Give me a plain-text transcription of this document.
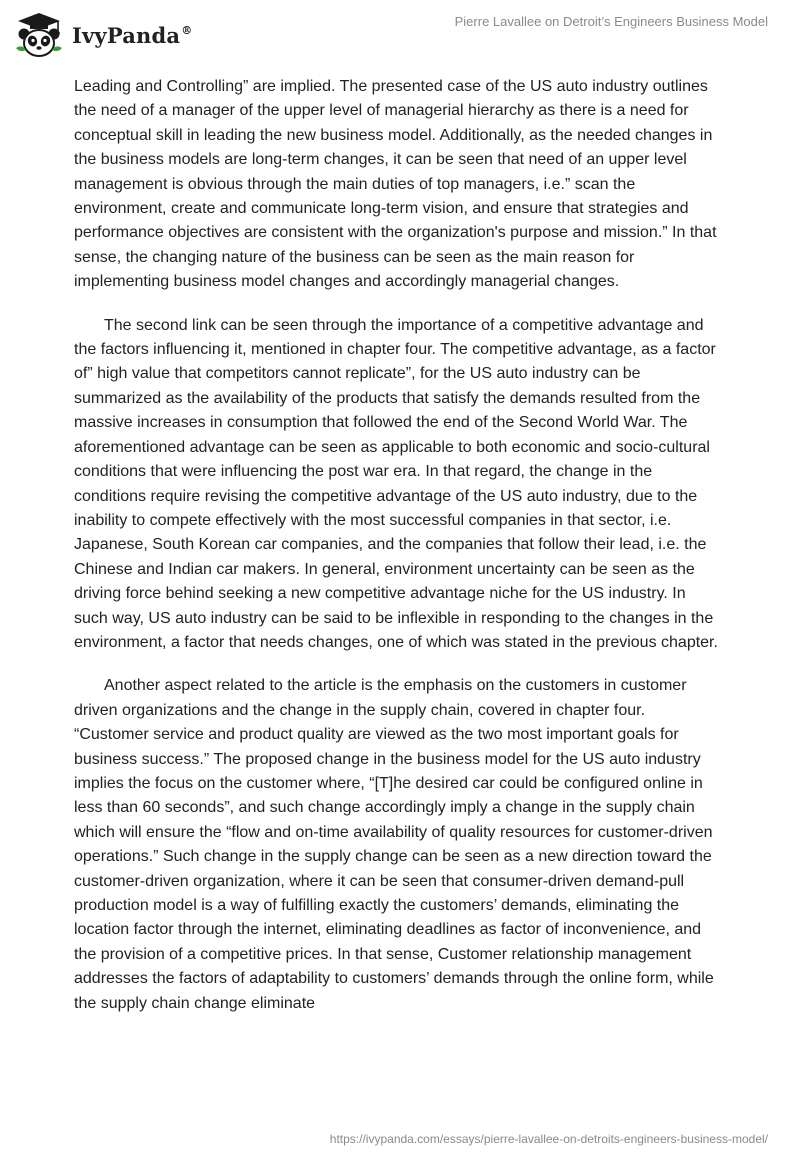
IvyPanda®
Pierre Lavallee on Detroit’s Engineers Business Model

Leading and Controlling” are implied. The presented case of the US auto industry outlines the need of a manager of the upper level of managerial hierarchy as there is a need for conceptual skill in leading the new business model. Additionally, as the needed changes in the business models are long-term changes, it can be seen that need of an upper level management is obvious through the main duties of top managers, i.e.” scan the environment, create and communicate long-term vision, and ensure that strategies and performance objectives are consistent with the organization's purpose and mission.” In that sense, the changing nature of the business can be seen as the main reason for implementing business model changes and accordingly managerial changes.

The second link can be seen through the importance of a competitive advantage and the factors influencing it, mentioned in chapter four. The competitive advantage, as a factor of” high value that competitors cannot replicate”, for the US auto industry can be summarized as the availability of the products that satisfy the demands resulted from the massive increases in consumption that followed the end of the Second World War. The aforementioned advantage can be seen as applicable to both economic and socio-cultural conditions that were influencing the post war era. In that regard, the change in the conditions require revising the competitive advantage of the US auto industry, due to the inability to compete effectively with the most successful companies in that sector, i.e. Japanese, South Korean car companies, and the companies that follow their lead, i.e. the Chinese and Indian car makers. In general, environment uncertainty can be seen as the driving force behind seeking a new competitive advantage niche for the US industry. In such way, US auto industry can be said to be inflexible in responding to the changes in the environment, a factor that needs changes, one of which was stated in the previous chapter.

Another aspect related to the article is the emphasis on the customers in customer driven organizations and the change in the supply chain, covered in chapter four. “Customer service and product quality are viewed as the two most important goals for business success.” The proposed change in the business model for the US auto industry implies the focus on the customer where, “[T]he desired car could be configured online in less than 60 seconds”, and such change accordingly imply a change in the supply chain which will ensure the “flow and on-time availability of quality resources for customer-driven operations.” Such change in the supply change can be seen as a new direction toward the customer-driven organization, where it can be seen that consumer-driven demand-pull production model is a way of fulfilling exactly the customers’ demands, eliminating the location factor through the internet, eliminating deadlines as factor of inconvenience, and the provision of a competitive prices. In that sense, Customer relationship management addresses the factors of adaptability to customers’ demands through the online form, while the supply chain change eliminate

https://ivypanda.com/essays/pierre-lavallee-on-detroits-engineers-business-model/
